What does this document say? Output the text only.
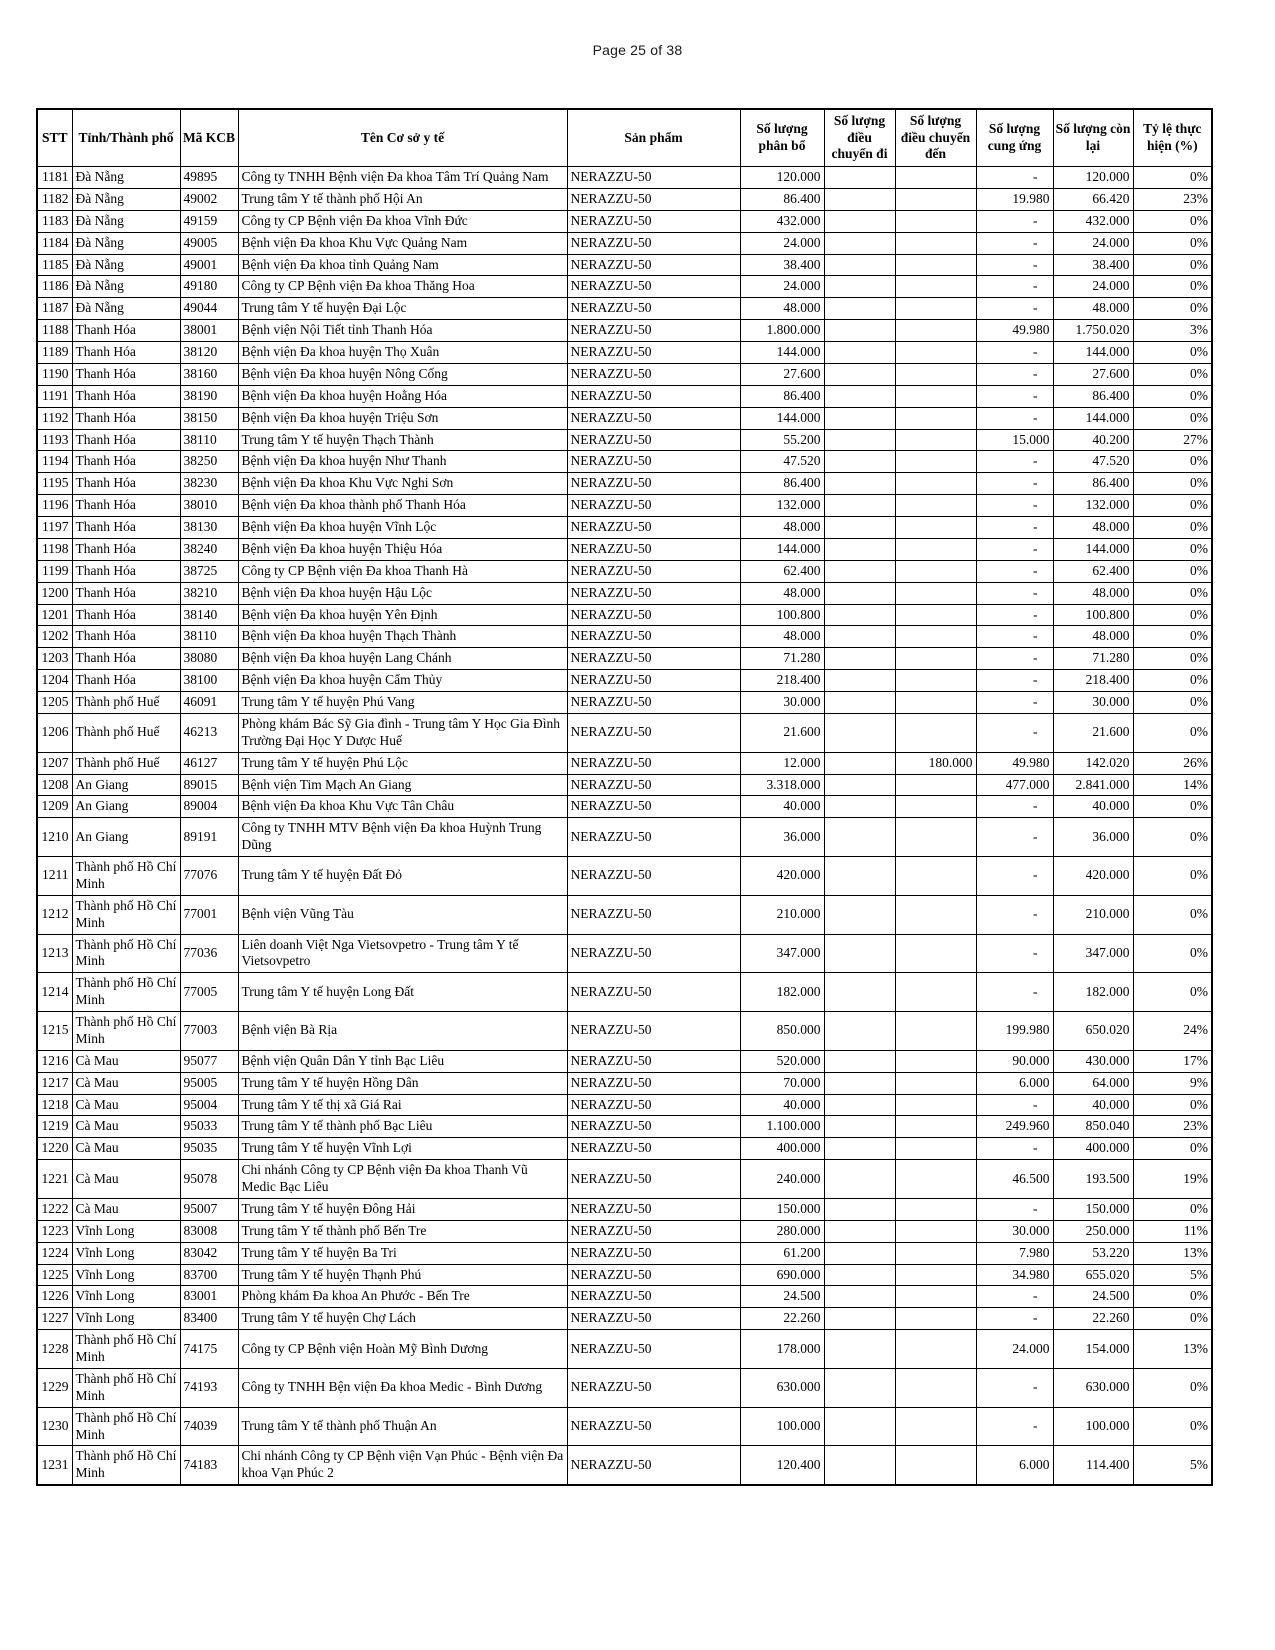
Page 25 of 38
STT	Tỉnh/Thành phố	Mã KCB	Tên Cơ sở y tế	Sản phẩm	Số lượng phân bổ	Số lượng điều chuyển đi	Số lượng điều chuyển đến	Số lượng cung ứng	Số lượng còn lại	Tỷ lệ thực hiện (%)
1181	Đà Nẵng	49895	Công ty TNHH Bệnh viện Đa khoa Tâm Trí Quảng Nam	NERAZZU-50	120.000			-	120.000	0%
1182	Đà Nẵng	49002	Trung tâm Y tế thành phố Hội An	NERAZZU-50	86.400			19.980	66.420	23%
1183	Đà Nẵng	49159	Công ty CP Bệnh viện Đa khoa Vĩnh Đức	NERAZZU-50	432.000			-	432.000	0%
1184	Đà Nẵng	49005	Bệnh viện Đa khoa Khu Vực Quảng Nam	NERAZZU-50	24.000			-	24.000	0%
1185	Đà Nẵng	49001	Bệnh viện Đa khoa tỉnh Quảng Nam	NERAZZU-50	38.400			-	38.400	0%
1186	Đà Nẵng	49180	Công ty CP Bệnh viện Đa khoa Thăng Hoa	NERAZZU-50	24.000			-	24.000	0%
1187	Đà Nẵng	49044	Trung tâm Y tế huyện Đại Lộc	NERAZZU-50	48.000			-	48.000	0%
1188	Thanh Hóa	38001	Bệnh viện Nội Tiết tỉnh Thanh Hóa	NERAZZU-50	1.800.000			49.980	1.750.020	3%
1189	Thanh Hóa	38120	Bệnh viện Đa khoa huyện Thọ Xuân	NERAZZU-50	144.000			-	144.000	0%
1190	Thanh Hóa	38160	Bệnh viện Đa khoa huyện Nông Cống	NERAZZU-50	27.600			-	27.600	0%
1191	Thanh Hóa	38190	Bệnh viện Đa khoa huyện Hoằng Hóa	NERAZZU-50	86.400			-	86.400	0%
1192	Thanh Hóa	38150	Bệnh viện Đa khoa huyện Triệu Sơn	NERAZZU-50	144.000			-	144.000	0%
1193	Thanh Hóa	38110	Trung tâm Y tế huyện Thạch Thành	NERAZZU-50	55.200			15.000	40.200	27%
1194	Thanh Hóa	38250	Bệnh viện Đa khoa huyện Như Thanh	NERAZZU-50	47.520			-	47.520	0%
1195	Thanh Hóa	38230	Bệnh viện Đa khoa Khu Vực Nghi Sơn	NERAZZU-50	86.400			-	86.400	0%
1196	Thanh Hóa	38010	Bệnh viện Đa khoa thành phố Thanh Hóa	NERAZZU-50	132.000			-	132.000	0%
1197	Thanh Hóa	38130	Bệnh viện Đa khoa huyện Vĩnh Lộc	NERAZZU-50	48.000			-	48.000	0%
1198	Thanh Hóa	38240	Bệnh viện Đa khoa huyện Thiệu Hóa	NERAZZU-50	144.000			-	144.000	0%
1199	Thanh Hóa	38725	Công ty CP Bệnh viện Đa khoa Thanh Hà	NERAZZU-50	62.400			-	62.400	0%
1200	Thanh Hóa	38210	Bệnh viện Đa khoa huyện Hậu Lộc	NERAZZU-50	48.000			-	48.000	0%
1201	Thanh Hóa	38140	Bệnh viện Đa khoa huyện Yên Định	NERAZZU-50	100.800			-	100.800	0%
1202	Thanh Hóa	38110	Bệnh viện Đa khoa huyện Thạch Thành	NERAZZU-50	48.000			-	48.000	0%
1203	Thanh Hóa	38080	Bệnh viện Đa khoa huyện Lang Chánh	NERAZZU-50	71.280			-	71.280	0%
1204	Thanh Hóa	38100	Bệnh viện Đa khoa huyện Cẩm Thủy	NERAZZU-50	218.400			-	218.400	0%
1205	Thành phố Huế	46091	Trung tâm Y tế huyện Phú Vang	NERAZZU-50	30.000			-	30.000	0%
1206	Thành phố Huế	46213	Phòng khám Bác Sỹ Gia đình - Trung tâm Y Học Gia Đình Trường Đại Học Y Dược Huế	NERAZZU-50	21.600			-	21.600	0%
1207	Thành phố Huế	46127	Trung tâm Y tế huyện Phú Lộc	NERAZZU-50	12.000		180.000	49.980	142.020	26%
1208	An Giang	89015	Bệnh viện Tim Mạch An Giang	NERAZZU-50	3.318.000			477.000	2.841.000	14%
1209	An Giang	89004	Bệnh viện Đa khoa Khu Vực Tân Châu	NERAZZU-50	40.000			-	40.000	0%
1210	An Giang	89191	Công ty TNHH MTV Bệnh viện Đa khoa Huỳnh Trung Dũng	NERAZZU-50	36.000			-	36.000	0%
1211	Thành phố Hồ Chí Minh	77076	Trung tâm Y tế huyện Đất Đỏ	NERAZZU-50	420.000			-	420.000	0%
1212	Thành phố Hồ Chí Minh	77001	Bệnh viện Vũng Tàu	NERAZZU-50	210.000			-	210.000	0%
1213	Thành phố Hồ Chí Minh	77036	Liên doanh Việt Nga Vietsovpetro - Trung tâm Y tế Vietsovpetro	NERAZZU-50	347.000			-	347.000	0%
1214	Thành phố Hồ Chí Minh	77005	Trung tâm Y tế huyện Long Đất	NERAZZU-50	182.000			-	182.000	0%
1215	Thành phố Hồ Chí Minh	77003	Bệnh viện Bà Rịa	NERAZZU-50	850.000			199.980	650.020	24%
1216	Cà Mau	95077	Bệnh viện Quân Dân Y tỉnh Bạc Liêu	NERAZZU-50	520.000			90.000	430.000	17%
1217	Cà Mau	95005	Trung tâm Y tế huyện Hồng Dân	NERAZZU-50	70.000			6.000	64.000	9%
1218	Cà Mau	95004	Trung tâm Y tế thị xã Giá Rai	NERAZZU-50	40.000			-	40.000	0%
1219	Cà Mau	95033	Trung tâm Y tế thành phố Bạc Liêu	NERAZZU-50	1.100.000			249.960	850.040	23%
1220	Cà Mau	95035	Trung tâm Y tế huyện Vĩnh Lợi	NERAZZU-50	400.000			-	400.000	0%
1221	Cà Mau	95078	Chi nhánh Công ty CP Bệnh viện Đa khoa Thanh Vũ Medic Bạc Liêu	NERAZZU-50	240.000			46.500	193.500	19%
1222	Cà Mau	95007	Trung tâm Y tế huyện Đông Hải	NERAZZU-50	150.000			-	150.000	0%
1223	Vĩnh Long	83008	Trung tâm Y tế thành phố Bến Tre	NERAZZU-50	280.000			30.000	250.000	11%
1224	Vĩnh Long	83042	Trung tâm Y tế huyện Ba Tri	NERAZZU-50	61.200			7.980	53.220	13%
1225	Vĩnh Long	83700	Trung tâm Y tế huyện Thạnh Phú	NERAZZU-50	690.000			34.980	655.020	5%
1226	Vĩnh Long	83001	Phòng khám Đa khoa An Phước - Bến Tre	NERAZZU-50	24.500			-	24.500	0%
1227	Vĩnh Long	83400	Trung tâm Y tế huyện Chợ Lách	NERAZZU-50	22.260			-	22.260	0%
1228	Thành phố Hồ Chí Minh	74175	Công ty CP Bệnh viện Hoàn Mỹ Bình Dương	NERAZZU-50	178.000			24.000	154.000	13%
1229	Thành phố Hồ Chí Minh	74193	Công ty TNHH Bện viện Đa khoa Medic - Bình Dương	NERAZZU-50	630.000			-	630.000	0%
1230	Thành phố Hồ Chí Minh	74039	Trung tâm Y tế thành phố Thuận An	NERAZZU-50	100.000			-	100.000	0%
1231	Thành phố Hồ Chí Minh	74183	Chi nhánh Công ty CP Bệnh viện Vạn Phúc - Bệnh viện Đa khoa Vạn Phúc 2	NERAZZU-50	120.400			6.000	114.400	5%
